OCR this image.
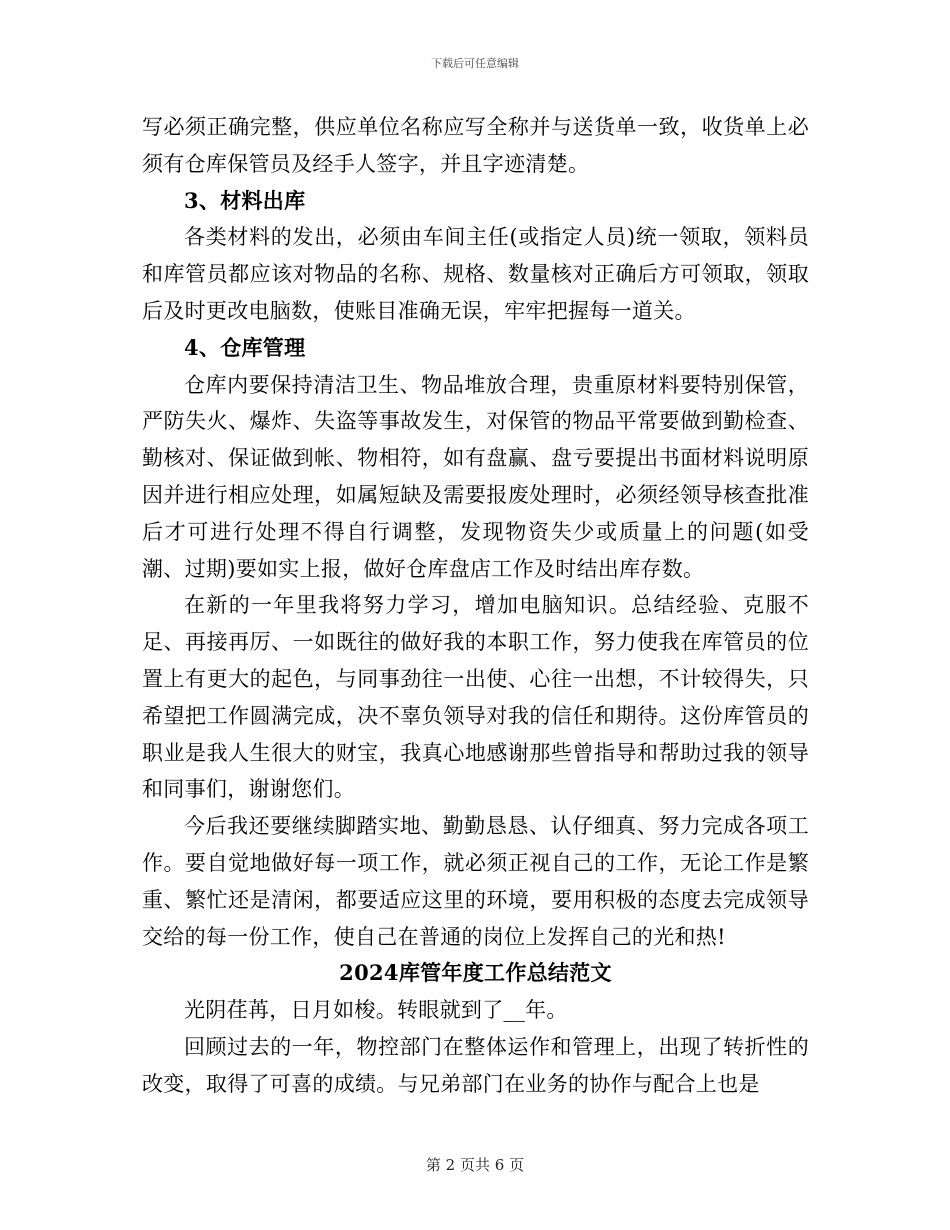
下载后可任意编辑

写必须正确完整，供应单位名称应写全称并与送货单一致，收货单上必须有仓库保管员及经手人签字，并且字迹清楚。

3、材料出库

各类材料的发出，必须由车间主任(或指定人员)统一领取，领料员和库管员都应该对物品的名称、规格、数量核对正确后方可领取，领取后及时更改电脑数，使账目准确无误，牢牢把握每一道关。

4、仓库管理

仓库内要保持清洁卫生、物品堆放合理，贵重原材料要特别保管，严防失火、爆炸、失盗等事故发生，对保管的物品平常要做到勤检查、勤核对、保证做到帐、物相符，如有盘赢、盘亏要提出书面材料说明原因并进行相应处理，如属短缺及需要报废处理时，必须经领导核查批准后才可进行处理不得自行调整，发现物资失少或质量上的问题(如受潮、过期)要如实上报，做好仓库盘店工作及时结出库存数。

在新的一年里我将努力学习，增加电脑知识。总结经验、克服不足、再接再厉、一如既往的做好我的本职工作，努力使我在库管员的位置上有更大的起色，与同事劲往一出使、心往一出想，不计较得失，只希望把工作圆满完成，决不辜负领导对我的信任和期待。这份库管员的职业是我人生很大的财宝，我真心地感谢那些曾指导和帮助过我的领导和同事们，谢谢您们。

今后我还要继续脚踏实地、勤勤恳恳、认仔细真、努力完成各项工作。要自觉地做好每一项工作，就必须正视自己的工作，无论工作是繁重、繁忙还是清闲，都要适应这里的环境，要用积极的态度去完成领导交给的每一份工作，使自己在普通的岗位上发挥自己的光和热!

2024库管年度工作总结范文

光阴荏苒，日月如梭。转眼就到了__年。

回顾过去的一年，物控部门在整体运作和管理上，出现了转折性的改变，取得了可喜的成绩。与兄弟部门在业务的协作与配合上也是

第 2 页共 6 页
